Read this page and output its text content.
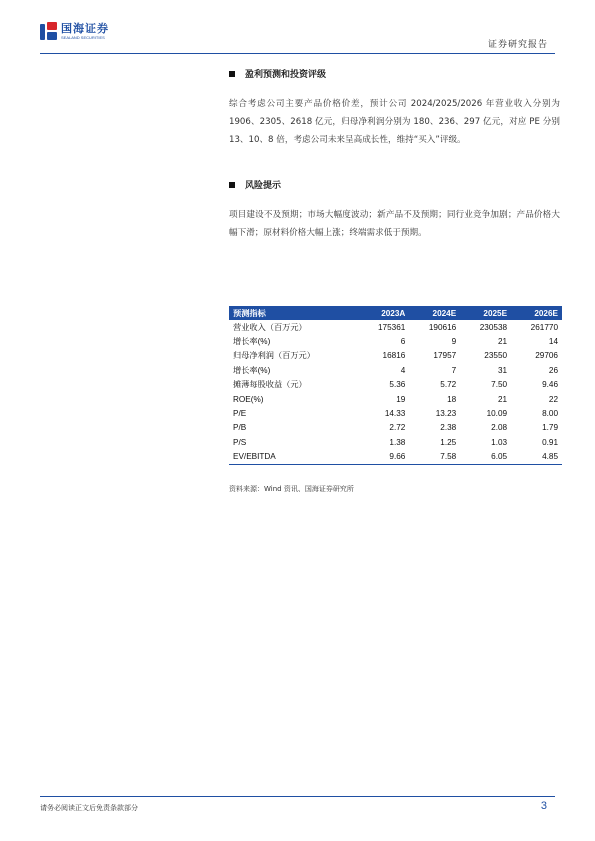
国海证券
SEALAND SECURITIES
证券研究报告
盈利预测和投资评级
综合考虑公司主要产品价格价差，预计公司 2024/2025/2026 年营业收入分别为 1906、2305、2618 亿元，归母净利润分别为 180、236、297 亿元，对应 PE 分别 13、10、8 倍，考虑公司未来呈高成长性，维持“买入”评级。
风险提示
项目建设不及预期；市场大幅度波动；新产品不及预期；同行业竞争加剧；产品价格大幅下滑；原材料价格大幅上涨；终端需求低于预期。
预测指标	2023A	2024E	2025E	2026E
营业收入（百万元）	175361	190616	230538	261770
增长率(%)	6	9	21	14
归母净利润（百万元）	16816	17957	23550	29706
增长率(%)	4	7	31	26
摊薄每股收益（元）	5.36	5.72	7.50	9.46
ROE(%)	19	18	21	22
P/E	14.33	13.23	10.09	8.00
P/B	2.72	2.38	2.08	1.79
P/S	1.38	1.25	1.03	0.91
EV/EBITDA	9.66	7.58	6.05	4.85
资料来源：Wind 资讯、国海证券研究所
请务必阅读正文后免责条款部分	3
